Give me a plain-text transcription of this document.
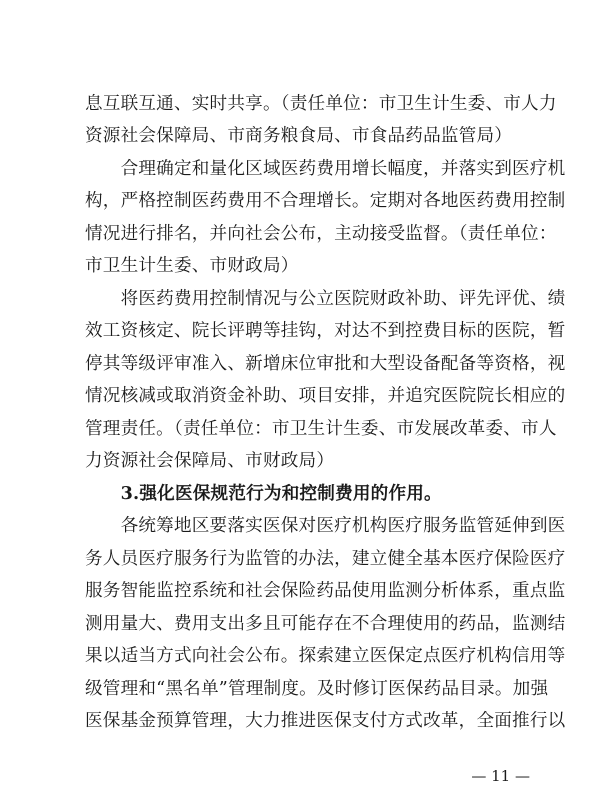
息互联互通、实时共享。（责任单位：市卫生计生委、市人力
资源社会保障局、市商务粮食局、市食品药品监管局）
　　合理确定和量化区域医药费用增长幅度，并落实到医疗机
构，严格控制医药费用不合理增长。定期对各地医药费用控制
情况进行排名，并向社会公布，主动接受监督。（责任单位：
市卫生计生委、市财政局）
　　将医药费用控制情况与公立医院财政补助、评先评优、绩
效工资核定、院长评聘等挂钩，对达不到控费目标的医院，暂
停其等级评审准入、新增床位审批和大型设备配备等资格，视
情况核减或取消资金补助、项目安排，并追究医院院长相应的
管理责任。（责任单位：市卫生计生委、市发展改革委、市人
力资源社会保障局、市财政局）
　　3.强化医保规范行为和控制费用的作用。
　　各统筹地区要落实医保对医疗机构医疗服务监管延伸到医
务人员医疗服务行为监管的办法，建立健全基本医疗保险医疗
服务智能监控系统和社会保险药品使用监测分析体系，重点监
测用量大、费用支出多且可能存在不合理使用的药品，监测结
果以适当方式向社会公布。探索建立医保定点医疗机构信用等
级管理和“黑名单”管理制度。及时修订医保药品目录。加强
医保基金预算管理，大力推进医保支付方式改革，全面推行以
— 11 —
